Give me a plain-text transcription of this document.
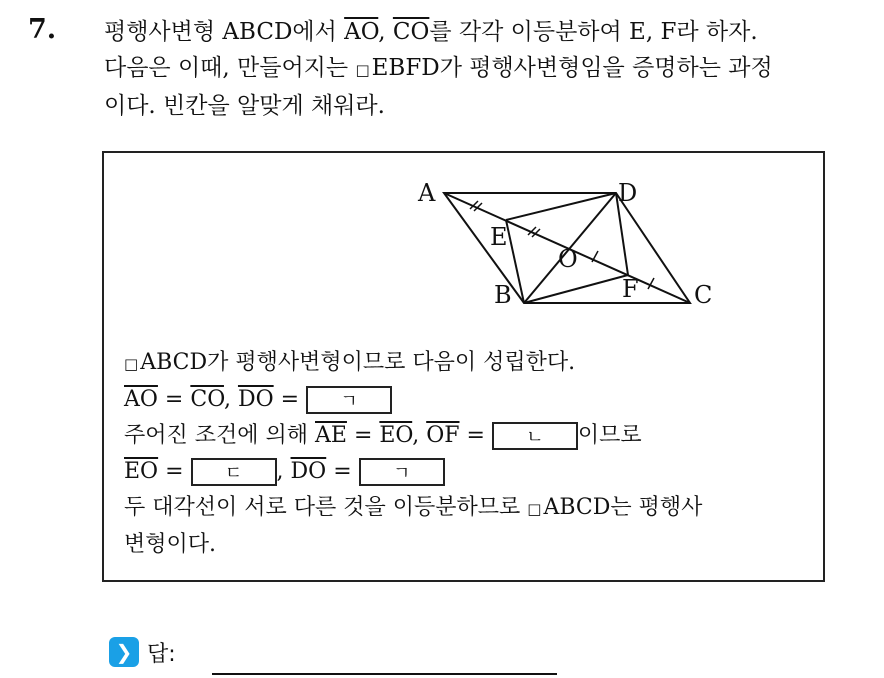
7. 평행사변형 ABCD에서 $\overline{AO}$, $\overline{CO}$를 각각 이등분하여 E, F라 하자.
다음은 이때, 만들어지는 □EBFD가 평행사변형임을 증명하는 과정
이다. 빈칸을 알맞게 채워라.
A	D
E
O
F
B	C
□ABCD가 평행사변형이므로 다음이 성립한다.
$\overline{AO} = \overline{CO}$, $\overline{DO}$ = ㄱ
주어진 조건에 의해 $\overline{AE} = \overline{EO}$, $\overline{OF}$ = ㄴ 이므로
$\overline{EO}$ = ㄷ , $\overline{DO}$ = ㄱ
두 대각선이 서로 다른 것을 이등분하므로 □ABCD는 평행사
변형이다.
❯ 답:
